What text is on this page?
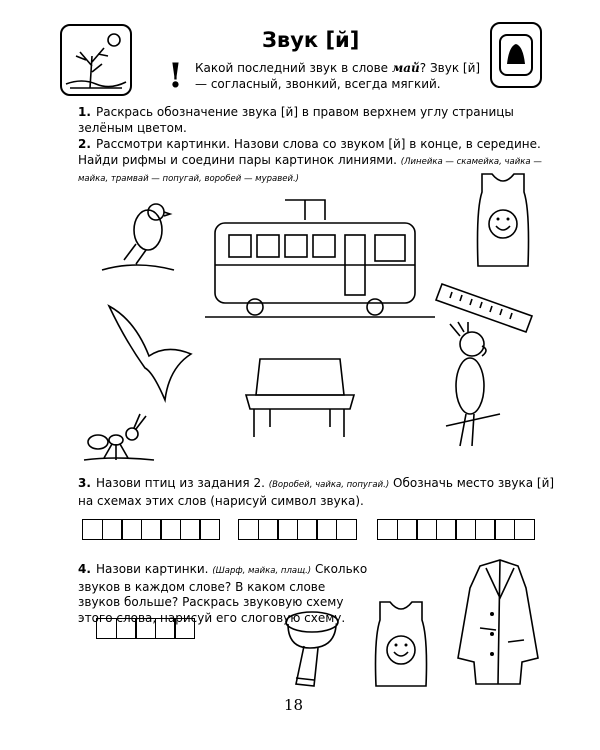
Звук [й]
! Какой последний звук в слове май? Звук [й] — согласный, звонкий, всегда мягкий.
1. Раскрась обозначение звука [й] в правом верхнем углу страницы зелёным цветом.
2. Рассмотри картинки. Назови слова со звуком [й] в конце, в середине. Найди рифмы и соедини пары картинок линиями. (Линейка — скамейка, чайка — майка, трамвай — попугай, воробей — муравей.)
3. Назови птиц из задания 2. (Воробей, чайка, попугай.) Обозначь место звука [й] на схемах этих слов (нарисуй символ звука).
4. Назови картинки. (Шарф, майка, плащ.) Сколько звуков в каждом слове? В каком слове звуков больше? Раскрась звуковую схему этого слова, нарисуй его слоговую схему.
18
